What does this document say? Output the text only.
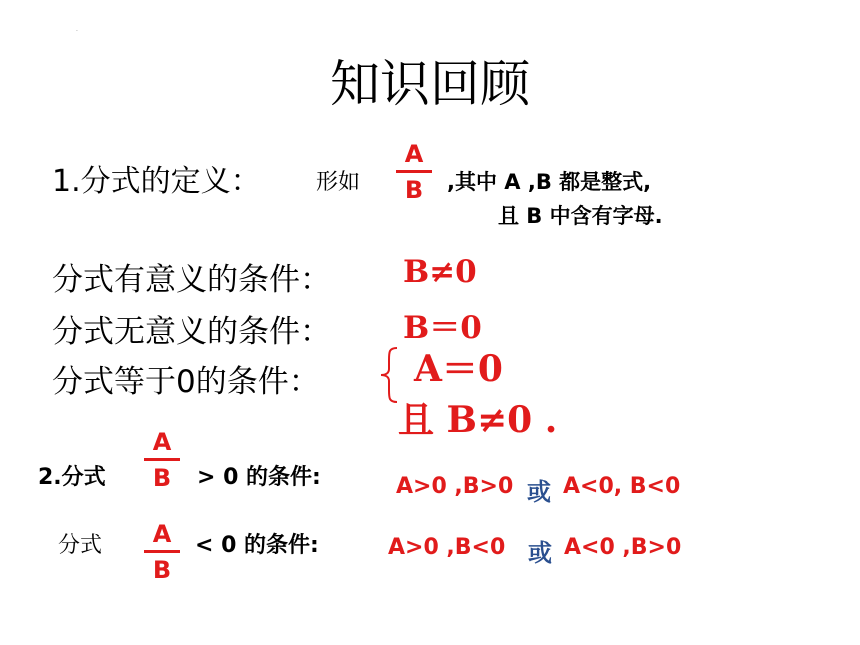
·
知识回顾
1.分式的定义：	形如
A
B	,其中 A ,B 都是整式,
且 B 中含有字母.
分式有意义的条件： B≠0
分式无意义的条件： B＝0
分式等于0的条件：	A＝0
且 B≠0 .
2.分式
A
B	> 0 的条件:	A>0 ,B>0 或 A<0, B<0
分式	A
B
< 0 的条件:	A>0 ,B<0 或 A<0 ,B>0
